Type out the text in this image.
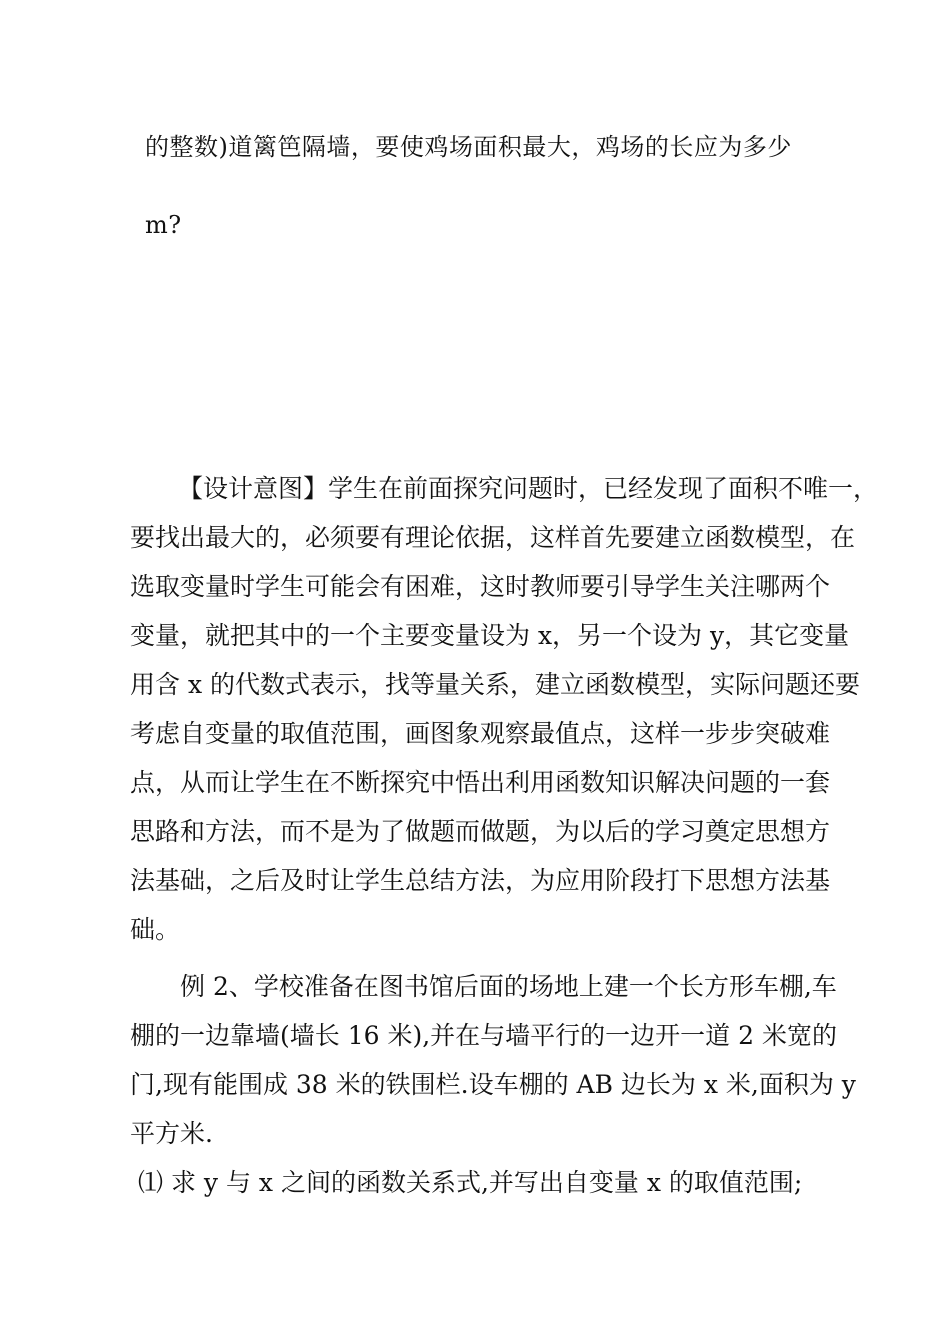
的整数)道篱笆隔墙，要使鸡场面积最大，鸡场的长应为多少
m?
【设计意图】学生在前面探究问题时，已经发现了面积不唯一，
要找出最大的，必须要有理论依据，这样首先要建立函数模型，在
选取变量时学生可能会有困难，这时教师要引导学生关注哪两个
变量，就把其中的一个主要变量设为 x，另一个设为 y，其它变量
用含 x 的代数式表示，找等量关系，建立函数模型，实际问题还要
考虑自变量的取值范围，画图象观察最值点，这样一步步突破难
点，从而让学生在不断探究中悟出利用函数知识解决问题的一套
思路和方法，而不是为了做题而做题，为以后的学习奠定思想方
法基础，之后及时让学生总结方法，为应用阶段打下思想方法基
础。
例 2、学校准备在图书馆后面的场地上建一个长方形车棚,车
棚的一边靠墙(墙长 16 米),并在与墙平行的一边开一道 2 米宽的
门,现有能围成 38 米的铁围栏.设车棚的 AB 边长为 x 米,面积为 y
平方米.
⑴ 求 y 与 x 之间的函数关系式,并写出自变量 x 的取值范围;
